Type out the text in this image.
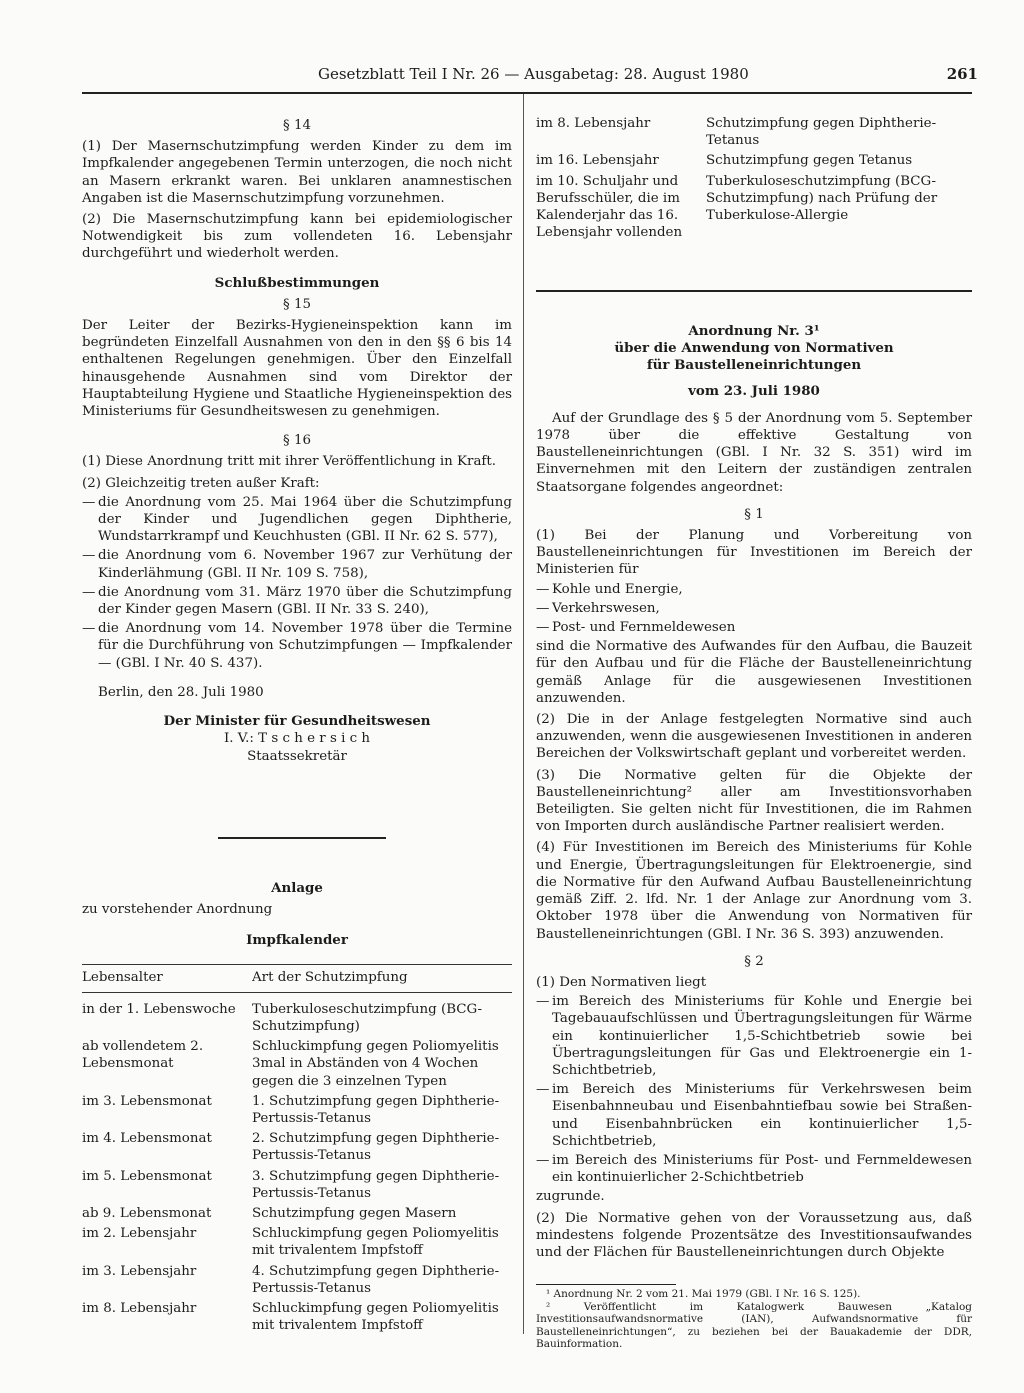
Gesetzblatt Teil I Nr. 26 — Ausgabetag: 28. August 1980	261
§ 14

(1) Der Masernschutzimpfung werden Kinder zu dem im Impfkalender angegebenen Termin unterzogen, die noch nicht an Masern erkrankt waren. Bei unklaren anamnestischen Angaben ist die Masernschutzimpfung vorzunehmen.

(2) Die Masernschutzimpfung kann bei epidemiologischer Notwendigkeit bis zum vollendeten 16. Lebensjahr durchgeführt und wiederholt werden.

Schlußbestimmungen
§ 15

Der Leiter der Bezirks-Hygieneinspektion kann im begründeten Einzelfall Ausnahmen von den in den §§ 6 bis 14 enthaltenen Regelungen genehmigen. Über den Einzelfall hinausgehende Ausnahmen sind vom Direktor der Hauptabteilung Hygiene und Staatliche Hygieneinspektion des Ministeriums für Gesundheitswesen zu genehmigen.

§ 16

(1) Diese Anordnung tritt mit ihrer Veröffentlichung in Kraft.

(2) Gleichzeitig treten außer Kraft:

— die Anordnung vom 25. Mai 1964 über die Schutzimpfung der Kinder und Jugendlichen gegen Diphtherie, Wundstarrkrampf und Keuchhusten (GBl. II Nr. 62 S. 577),
— die Anordnung vom 6. November 1967 zur Verhütung der Kinderlähmung (GBl. II Nr. 109 S. 758),
— die Anordnung vom 31. März 1970 über die Schutzimpfung der Kinder gegen Masern (GBl. II Nr. 33 S. 240),
— die Anordnung vom 14. November 1978 über die Termine für die Durchführung von Schutzimpfungen — Impfkalender — (GBl. I Nr. 40 S. 437).

Berlin, den 28. Juli 1980

Der Minister für Gesundheitswesen
I. V.: T s c h e r s i c h
Staatssekretär
Anlage
zu vorstehender Anordnung
Impfkalender
Lebensalter	Art der Schutzimpfung

in der 1. Lebenswoche	Tuberkuloseschutzimpfung (BCG-Schutzimpfung)
ab vollendetem 2. Lebensmonat	Schluckimpfung gegen Poliomyelitis 3mal in Abständen von 4 Wochen gegen die 3 einzelnen Typen
im 3. Lebensmonat	1. Schutzimpfung gegen Diphtherie-Pertussis-Tetanus
im 4. Lebensmonat	2. Schutzimpfung gegen Diphtherie-Pertussis-Tetanus
im 5. Lebensmonat	3. Schutzimpfung gegen Diphtherie-Pertussis-Tetanus
ab 9. Lebensmonat	Schutzimpfung gegen Masern
im 2. Lebensjahr	Schluckimpfung gegen Poliomyelitis mit trivalentem Impfstoff
im 3. Lebensjahr	4. Schutzimpfung gegen Diphtherie-Pertussis-Tetanus
im 8. Lebensjahr	Schluckimpfung gegen Poliomyelitis mit trivalentem Impfstoff
im 8. Lebensjahr	Schutzimpfung gegen Diphtherie-Tetanus
im 16. Lebensjahr	Schutzimpfung gegen Tetanus
im 10. Schuljahr und Berufsschüler, die im Kalenderjahr das 16. Lebensjahr vollenden	Tuberkuloseschutzimpfung (BCG-Schutzimpfung) nach Prüfung der Tuberkulose-Allergie
Anordnung Nr. 3¹
über die Anwendung von Normativen
für Baustelleneinrichtungen
vom 23. Juli 1980

Auf der Grundlage des § 5 der Anordnung vom 5. September 1978 über die effektive Gestaltung von Baustelleneinrichtungen (GBl. I Nr. 32 S. 351) wird im Einvernehmen mit den Leitern der zuständigen zentralen Staatsorgane folgendes angeordnet:

§ 1

(1) Bei der Planung und Vorbereitung von Baustelleneinrichtungen für Investitionen im Bereich der Ministerien für

— Kohle und Energie,
— Verkehrswesen,
— Post- und Fernmeldewesen

sind die Normative des Aufwandes für den Aufbau, die Bauzeit für den Aufbau und für die Fläche der Baustelleneinrichtung gemäß Anlage für die ausgewiesenen Investitionen anzuwenden.

(2) Die in der Anlage festgelegten Normative sind auch anzuwenden, wenn die ausgewiesenen Investitionen in anderen Bereichen der Volkswirtschaft geplant und vorbereitet werden.

(3) Die Normative gelten für die Objekte der Baustelleneinrichtung² aller am Investitionsvorhaben Beteiligten. Sie gelten nicht für Investitionen, die im Rahmen von Importen durch ausländische Partner realisiert werden.

(4) Für Investitionen im Bereich des Ministeriums für Kohle und Energie, Übertragungsleitungen für Elektroenergie, sind die Normative für den Aufwand Aufbau Baustelleneinrichtung gemäß Ziff. 2. lfd. Nr. 1 der Anlage zur Anordnung vom 3. Oktober 1978 über die Anwendung von Normativen für Baustelleneinrichtungen (GBl. I Nr. 36 S. 393) anzuwenden.

§ 2

(1) Den Normativen liegt

— im Bereich des Ministeriums für Kohle und Energie bei Tagebauaufschlüssen und Übertragungsleitungen für Wärme ein kontinuierlicher 1,5-Schichtbetrieb sowie bei Übertragungsleitungen für Gas und Elektroenergie ein 1-Schichtbetrieb,
— im Bereich des Ministeriums für Verkehrswesen beim Eisenbahnneubau und Eisenbahntiefbau sowie bei Straßen- und Eisenbahnbrücken ein kontinuierlicher 1,5-Schichtbetrieb,
— im Bereich des Ministeriums für Post- und Fernmeldewesen ein kontinuierlicher 2-Schichtbetrieb

zugrunde.

(2) Die Normative gehen von der Voraussetzung aus, daß mindestens folgende Prozentsätze des Investitionsaufwandes und der Flächen für Baustelleneinrichtungen durch Objekte

¹ Anordnung Nr. 2 vom 21. Mai 1979 (GBl. I Nr. 16 S. 125).
² Veröffentlicht im Katalogwerk Bauwesen „Katalog Investitionsaufwandsnormative (IAN), Aufwandsnormative für Baustelleneinrichtungen“, zu beziehen bei der Bauakademie der DDR, Bauinformation.
